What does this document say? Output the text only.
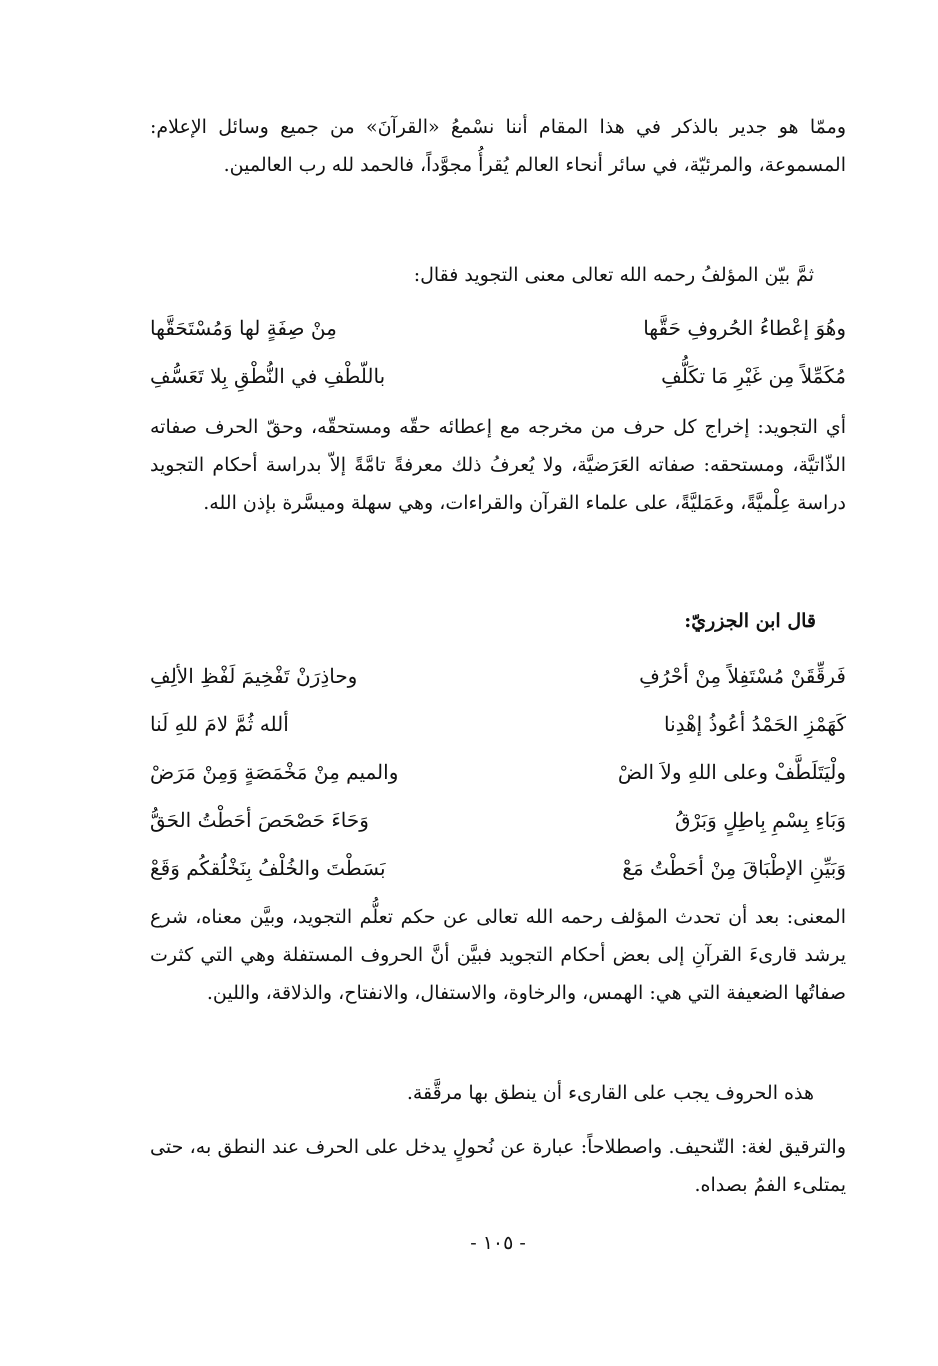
وممّا هو جدير بالذكر في هذا المقام أننا نسْمعُ «القرآنَ» من جميع وسائل الإعلام: المسموعة، والمرئيّة، في سائر أنحاء العالم يُقرأُ مجوَّداً، فالحمد لله رب العالمين.

ثمَّ بيّن المؤلفُ رحمه الله تعالى معنى التجويد فقال:

وهُوَ إعْطاءُ الحُروفِ حَقَّها
مِنْ صِفَةٍ لها وَمُسْتَحَقَّها
مُكَمِّلاً مِن غَيْرِ مَا تكَلُّفِ
باللّطْفِ في النُّطْقِ بِلا تَعَسُّفِ

أي التجويد: إخراج كل حرف من مخرجه مع إعطائه حقّه ومستحقّه، وحقّ الحرف صفاته الذّاتيَّة، ومستحقه: صفاته العَرَضيَّة، ولا يُعرفُ ذلك معرفةً تامَّةً إلاّ بدراسة أحكام التجويد دراسة عِلْميَّةً، وعَمَليَّةً، على علماء القرآن والقراءات، وهي سهلة وميسَّرة بإذن الله.

قال ابن الجزريّ:
فَرقِّقَنْ مُسْتَفِلاً مِنْ أحْرُفِ
وحاذِرَنْ تَفْخِيمَ لَفْظِ الألِفِ
كَهَمْزِ الحَمْدُ أعُوذُ إهْدِنا
ألله ثُمَّ لامَ للهِ لَنا
ولْيَتَلَطَّفْ وعلى اللهِ ولاَ الضْ
والميم مِنْ مَخْمَصَةٍ وَمِنْ مَرَضْ
وَبَاءِ بِسْمِ بِاطِلٍ وَبَرْقُ
وَحَاءَ حَصْحَصَ أحَطْتُ الحَقُّ
وَبَيِّنِ الإطْبَاقَ مِنْ أحَطْتُ مَعْ
بَسَطْتَ والخُلْفُ بِنَخْلُقكُم وَقَعْ

المعنى: بعد أن تحدث المؤلف رحمه الله تعالى عن حكم تعلُّم التجويد، وبيَّن معناه، شرع يرشد قارىءَ القرآنِ إلى بعض أحكام التجويد فبيَّن أنَّ الحروف المستفلة وهي التي كثرت صفاتُها الضعيفة التي هي: الهمس، والرخاوة، والاستفال، والانفتاح، والذلاقة، واللين.

هذه الحروف يجب على القارىء أن ينطق بها مرقَّقة.

والترقيق لغة: التّنحيف. واصطلاحاً: عبارة عن نُحولٍ يدخل على الحرف عند النطق به، حتى يمتلىء الفمُ بصداه.

- ١٠٥ -
